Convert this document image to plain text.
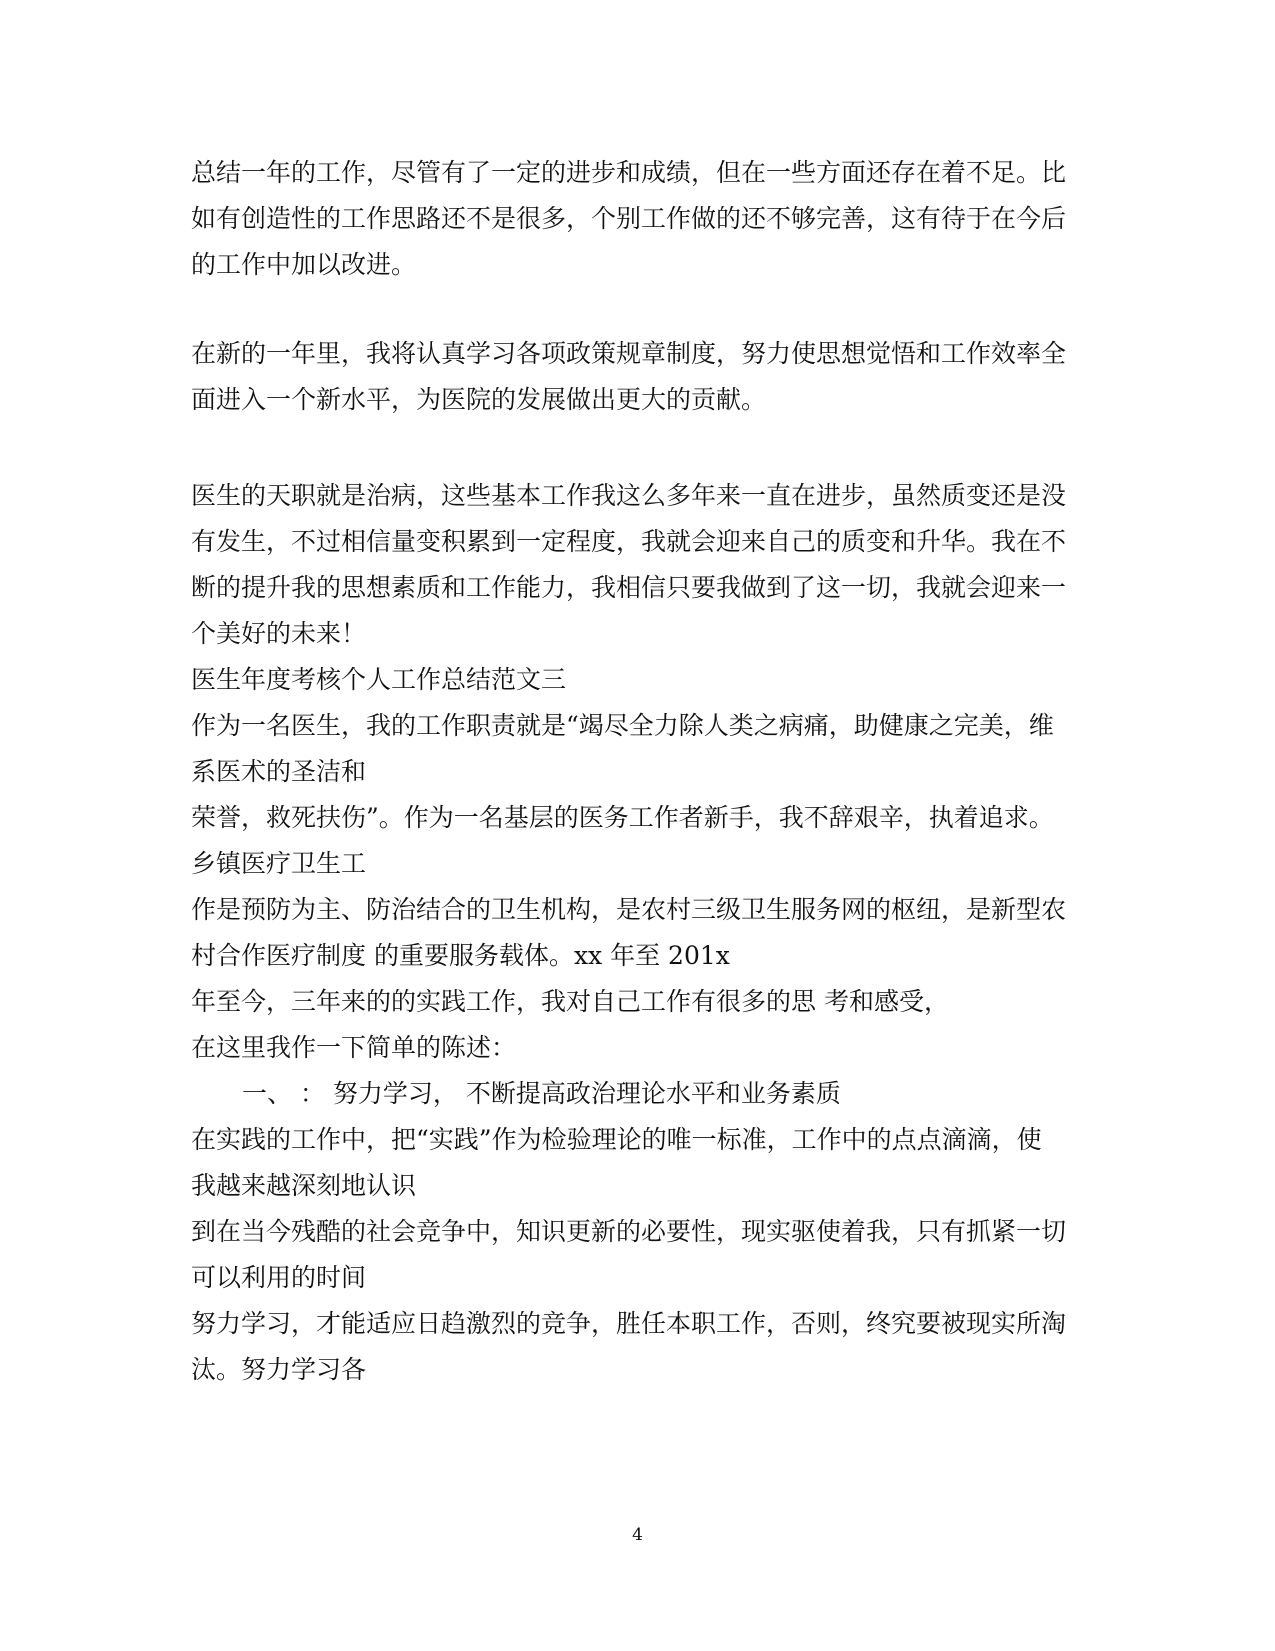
总结一年的工作，尽管有了一定的进步和成绩，但在一些方面还存在着不足。比
如有创造性的工作思路还不是很多，个别工作做的还不够完善，这有待于在今后
的工作中加以改进。
在新的一年里，我将认真学习各项政策规章制度，努力使思想觉悟和工作效率全
面进入一个新水平，为医院的发展做出更大的贡献。
医生的天职就是治病，这些基本工作我这么多年来一直在进步，虽然质变还是没
有发生，不过相信量变积累到一定程度，我就会迎来自己的质变和升华。我在不
断的提升我的思想素质和工作能力，我相信只要我做到了这一切，我就会迎来一
个美好的未来！
医生年度考核个人工作总结范文三
作为一名医生，我的工作职责就是“竭尽全力除人类之病痛，助健康之完美，维
系医术的圣洁和
荣誉，救死扶伤”。作为一名基层的医务工作者新手，我不辞艰辛，执着追求。
乡镇医疗卫生工
作是预防为主、防治结合的卫生机构，是农村三级卫生服务网的枢纽，是新型农
村合作医疗制度 的重要服务载体。xx 年至 201x
年至今，三年来的的实践工作，我对自己工作有很多的思 考和感受，
在这里我作一下简单的陈述：
一、 ： 努力学习， 不断提高政治理论水平和业务素质
在实践的工作中，把“实践”作为检验理论的唯一标准，工作中的点点滴滴，使
我越来越深刻地认识
到在当今残酷的社会竞争中，知识更新的必要性，现实驱使着我，只有抓紧一切
可以利用的时间
努力学习，才能适应日趋激烈的竞争，胜任本职工作，否则，终究要被现实所淘
汰。努力学习各
4
